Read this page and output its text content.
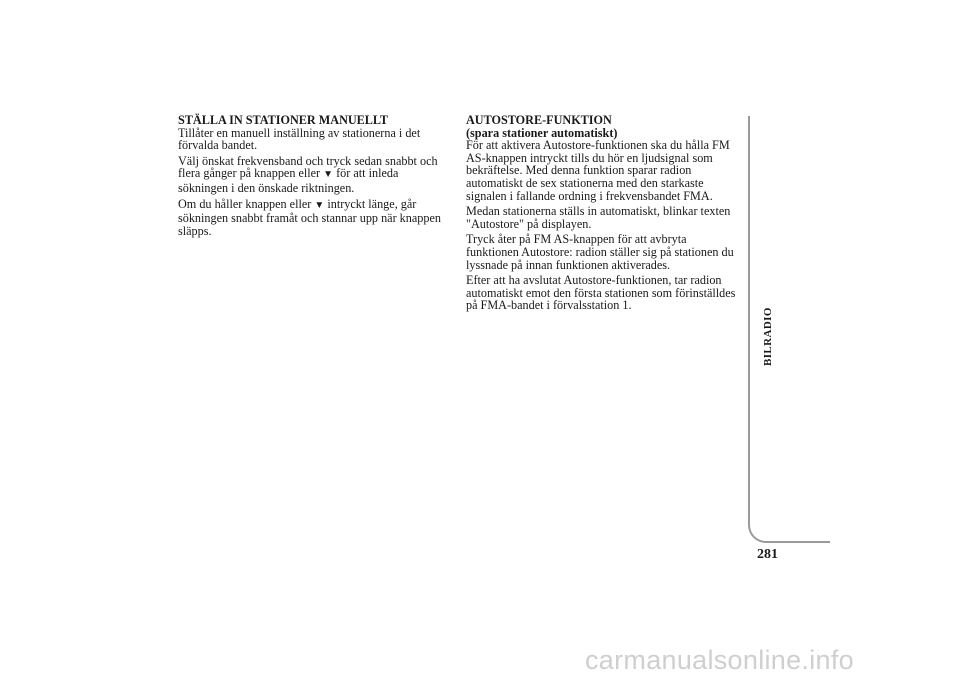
STÄLLA IN STATIONER MANUELLT

Tillåter en manuell inställning av stationerna i det förvalda bandet.

Välj önskat frekvensband och tryck sedan snabbt och flera gånger på knappen eller ▼ för att inleda sökningen i den önskade riktningen.

Om du håller knappen eller ▼ intryckt länge, går sökningen snabbt framåt och stannar upp när knappen släpps.

AUTOSTORE-FUNKTION

(spara stationer automatiskt)

För att aktivera Autostore-funktionen ska du hålla FM AS-knappen intryckt tills du hör en ljudsignal som bekräftelse. Med denna funktion sparar radion automatiskt de sex stationerna med den starkaste signalen i fallande ordning i frekvensbandet FMA.

Medan stationerna ställs in automatiskt, blinkar texten "Autostore" på displayen.

Tryck åter på FM AS-knappen för att avbryta funktionen Autostore: radion ställer sig på stationen du lyssnade på innan funktionen aktiverades.

Efter att ha avslutat Autostore-funktionen, tar radion automatiskt emot den första stationen som förinställdes på FMA-bandet i förvalsstation 1.

BILRADIO
281
carmanualsonline.info
